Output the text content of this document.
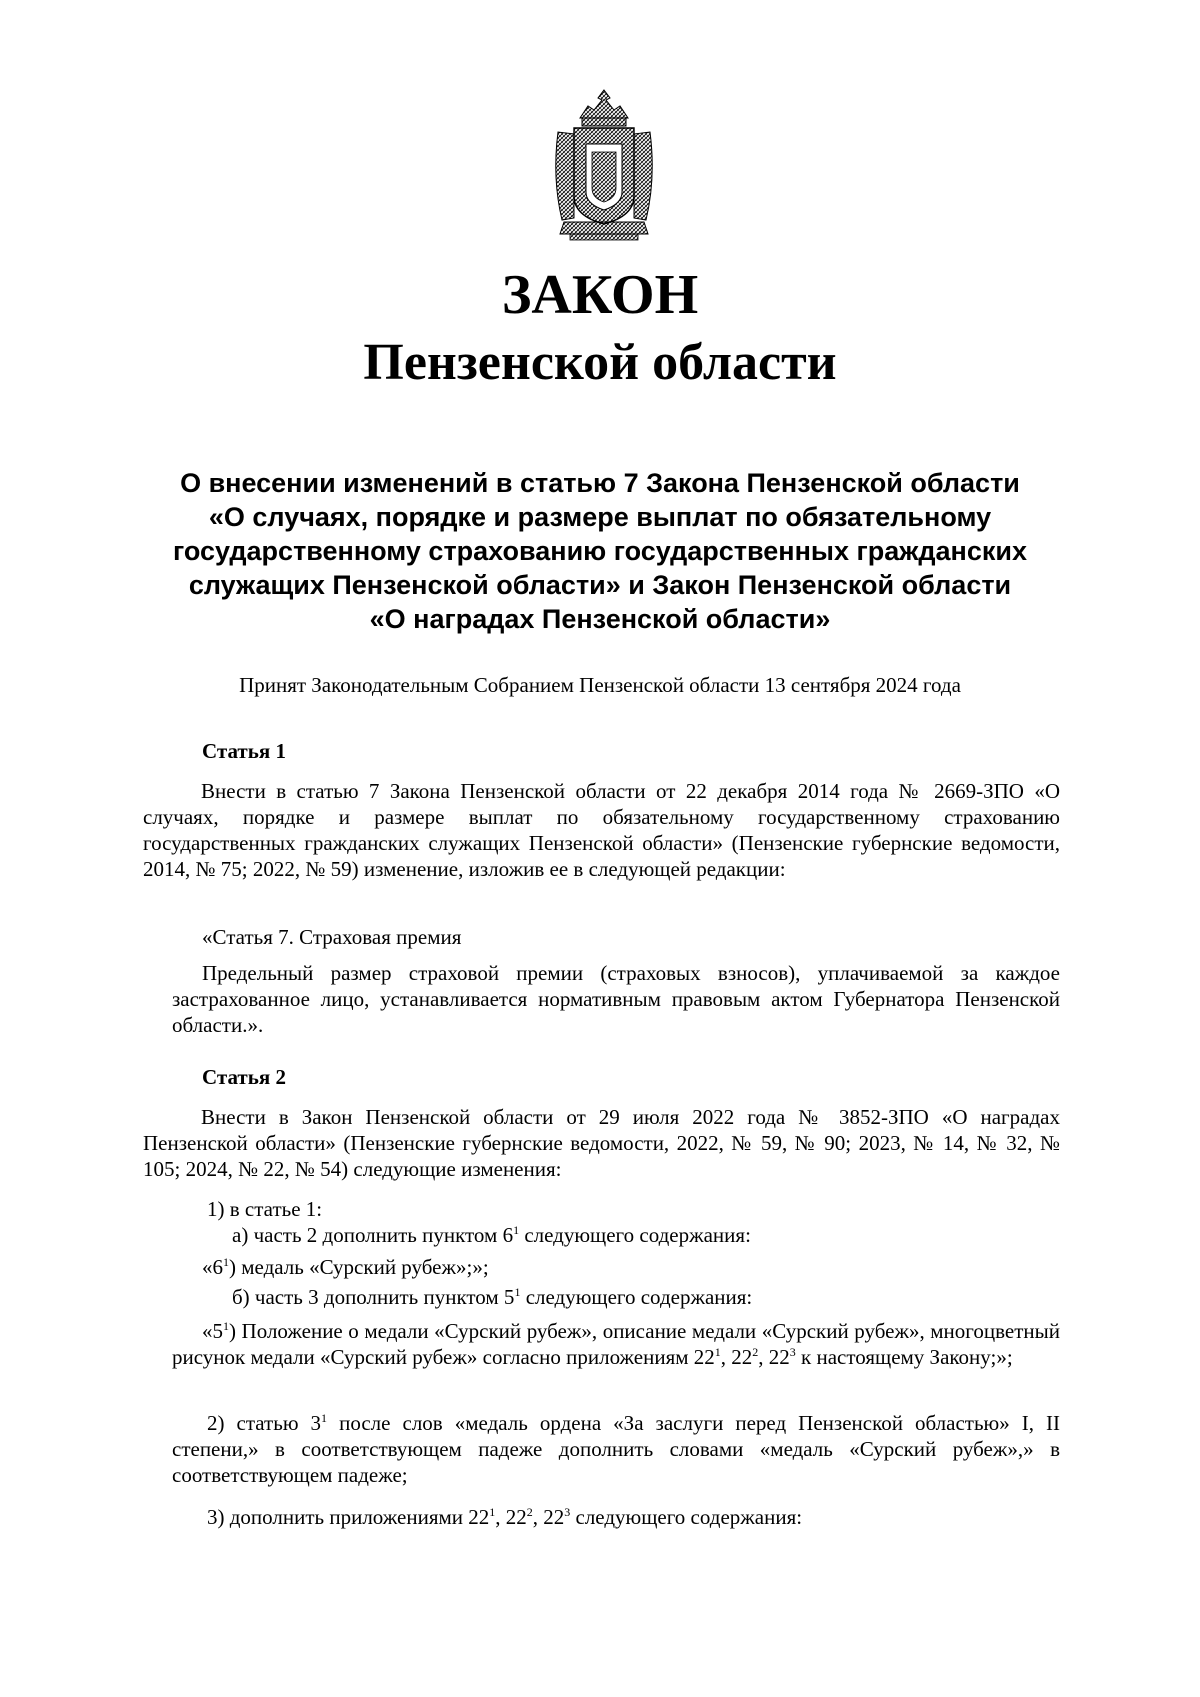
ЗАКОН
Пензенской области
О внесении изменений в статью 7 Закона Пензенской области
«О случаях, порядке и размере выплат по обязательному
государственному страхованию государственных гражданских
служащих Пензенской области» и Закон Пензенской области
«О наградах Пензенской области»
Принят Законодательным Собранием Пензенской области 13 сентября 2024 года
Статья 1
Внести в статью 7 Закона Пензенской области от 22 декабря 2014 года № 2669-ЗПО «О случаях, порядке и размере выплат по обязательному государственному страхованию государственных гражданских служащих Пензенской области» (Пензенские губернские ведомости, 2014, № 75; 2022, № 59) изменение, изложив ее в следующей редакции:
«Статья 7. Страховая премия
Предельный размер страховой премии (страховых взносов), уплачиваемой за каждое застрахованное лицо, устанавливается нормативным правовым актом Губернатора Пензенской области.».
Статья 2
Внести в Закон Пензенской области от 29 июля 2022 года № 3852-ЗПО «О наградах Пензенской области» (Пензенские губернские ведомости, 2022, № 59, № 90; 2023, № 14, № 32, № 105; 2024, № 22, № 54) следующие изменения:
1) в статье 1:
а) часть 2 дополнить пунктом $6^1$ следующего содержания:
«$6^1$) медаль «Сурский рубеж»;»;
б) часть 3 дополнить пунктом $5^1$ следующего содержания:
«$5^1$) Положение о медали «Сурский рубеж», описание медали «Сурский рубеж», многоцветный рисунок медали «Сурский рубеж» согласно приложениям $22^1$, $22^2$, $22^3$ к настоящему Закону;»;
2) статью $3^1$ после слов «медаль ордена «За заслуги перед Пензенской областью» I, II степени,» в соответствующем падеже дополнить словами «медаль «Сурский рубеж»,» в соответствующем падеже;
3) дополнить приложениями $22^1$, $22^2$, $22^3$ следующего содержания:
